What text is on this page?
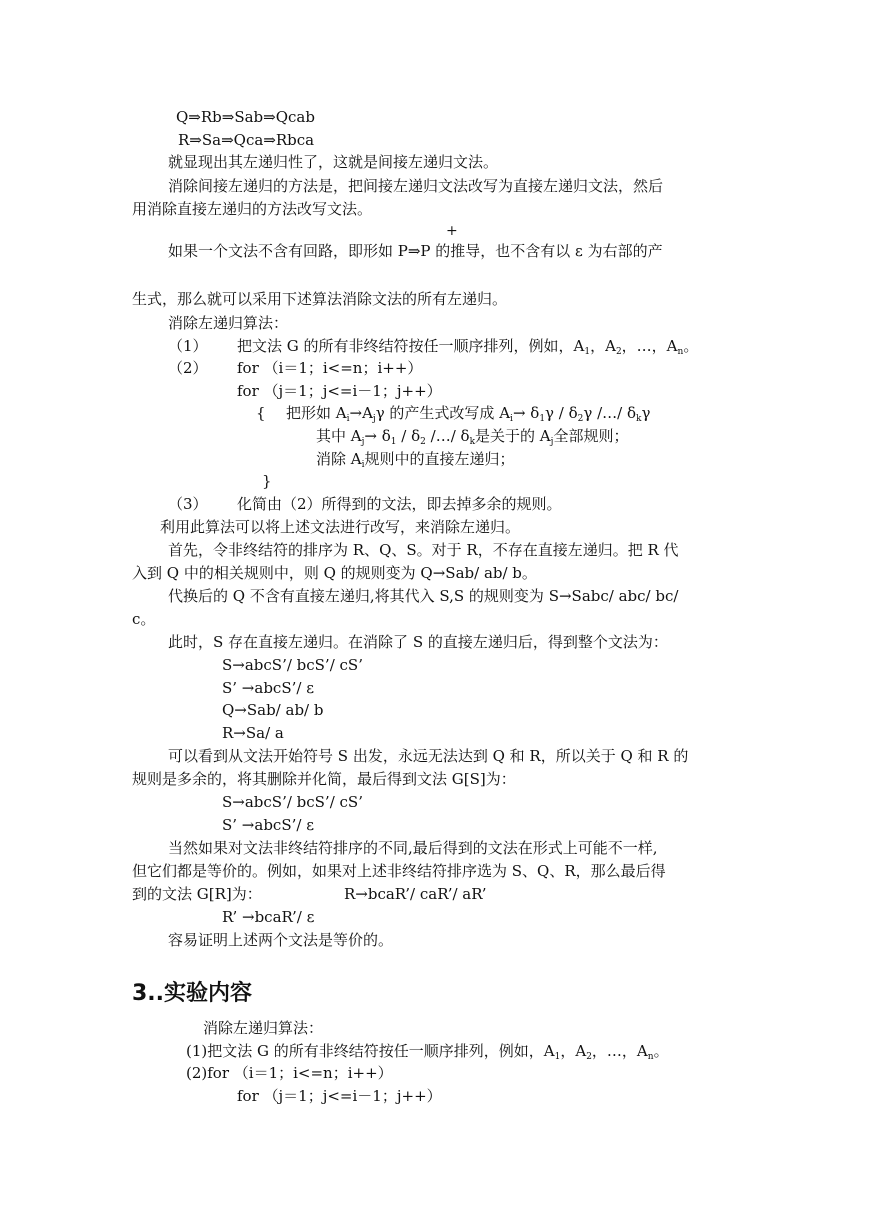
Q⇒Rb⇒Sab⇒Qcab
R⇒Sa⇒Qca⇒Rbca
就显现出其左递归性了，这就是间接左递归文法。
消除间接左递归的方法是，把间接左递归文法改写为直接左递归文法，然后
用消除直接左递归的方法改写文法。
+
如果一个文法不含有回路，即形如 P⇒P 的推导，也不含有以 ε 为右部的产
生式，那么就可以采用下述算法消除文法的所有左递归。
消除左递归算法：
（1） 把文法 G 的所有非终结符按任一顺序排列，例如，$A_1$，$A_2$，…，$A_n$。
（2） for （i＝1；i<=n；i++）
for （j＝1；j<=i－1；j++）
{ 把形如 $A_i\to A_j\gamma$ 的产生式改写成 $A_i\to \delta_1\gamma / \delta_2\gamma$ /…/ $\delta_k\gamma$
其中 $A_j\to \delta_1 / \delta_2$ /…/ $\delta_k$是关于的 $A_j$全部规则；
消除 $A_i$规则中的直接左递归；
}
（3） 化简由（2）所得到的文法，即去掉多余的规则。
利用此算法可以将上述文法进行改写，来消除左递归。
首先，令非终结符的排序为 R、Q、S。对于 R，不存在直接左递归。把 R 代
入到 Q 中的相关规则中，则 Q 的规则变为 Q→Sab/ ab/ b。
代换后的 Q 不含有直接左递归,将其代入 S,S 的规则变为 S→Sabc/ abc/ bc/
c。
此时，S 存在直接左递归。在消除了 S 的直接左递归后，得到整个文法为：
S→abcS’/ bcS’/ cS’
S’ →abcS’/ ε
Q→Sab/ ab/ b
R→Sa/ a
可以看到从文法开始符号 S 出发，永远无法达到 Q 和 R，所以关于 Q 和 R 的
规则是多余的，将其删除并化简，最后得到文法 G[S]为：
S→abcS’/ bcS’/ cS’
S’ →abcS’/ ε
当然如果对文法非终结符排序的不同,最后得到的文法在形式上可能不一样,
但它们都是等价的。例如，如果对上述非终结符排序选为 S、Q、R，那么最后得
到的文法 G[R]为：	R→bcaR’/ caR’/ aR’
R’ →bcaR’/ ε
容易证明上述两个文法是等价的。
3..实验内容
消除左递归算法：
(1)把文法 G 的所有非终结符按任一顺序排列，例如，$A_1$，$A_2$，…，$A_n$。
(2)for （i＝1；i<=n；i++）
for （j＝1；j<=i－1；j++）
